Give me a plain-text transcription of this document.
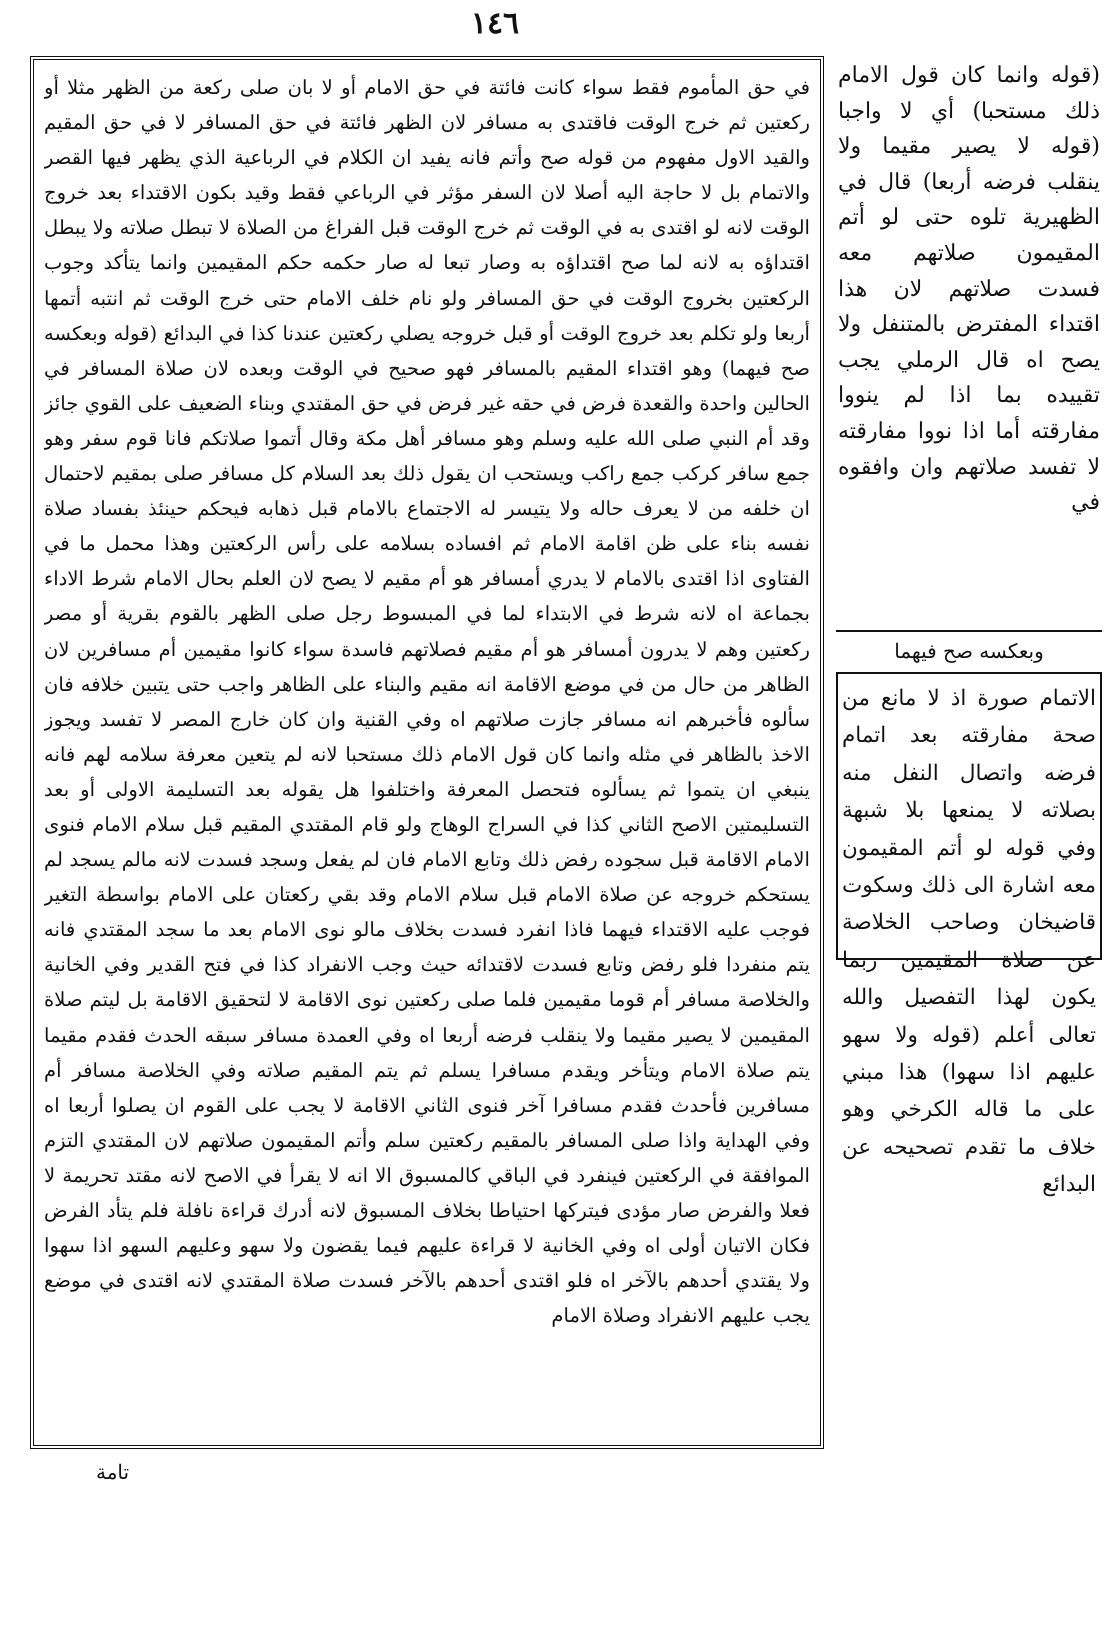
١٤٦

في حق المأموم فقط سواء كانت فائتة في حق الامام أو لا بان صلى ركعة من الظهر مثلا أو ركعتين ثم خرج الوقت فاقتدى به مسافر لان الظهر فائتة في حق المسافر لا في حق المقيم والقيد الاول مفهوم من قوله صح وأتم فانه يفيد ان الكلام في الرباعية الذي يظهر فيها القصر والاتمام بل لا حاجة اليه أصلا لان السفر مؤثر في الرباعي فقط وقيد بكون الاقتداء بعد خروج الوقت لانه لو اقتدى به في الوقت ثم خرج الوقت قبل الفراغ من الصلاة لا تبطل صلاته ولا يبطل اقتداؤه به لانه لما صح اقتداؤه به وصار تبعا له صار حكمه حكم المقيمين وانما يتأكد وجوب الركعتين بخروج الوقت في حق المسافر ولو نام خلف الامام حتى خرج الوقت ثم انتبه أتمها أربعا ولو تكلم بعد خروج الوقت أو قبل خروجه يصلي ركعتين عندنا كذا في البدائع (قوله وبعكسه صح فيهما) وهو اقتداء المقيم بالمسافر فهو صحيح في الوقت وبعده لان صلاة المسافر في الحالين واحدة والقعدة فرض في حقه غير فرض في حق المقتدي وبناء الضعيف على القوي جائز وقد أم النبي صلى الله عليه وسلم وهو مسافر أهل مكة وقال أتموا صلاتكم فانا قوم سفر وهو جمع سافر كركب جمع راكب ويستحب ان يقول ذلك بعد السلام كل مسافر صلى بمقيم لاحتمال ان خلفه من لا يعرف حاله ولا يتيسر له الاجتماع بالامام قبل ذهابه فيحكم حينئذ بفساد صلاة نفسه بناء على ظن اقامة الامام ثم افساده بسلامه على رأس الركعتين وهذا محمل ما في الفتاوى اذا اقتدى بالامام لا يدري أمسافر هو أم مقيم لا يصح لان العلم بحال الامام شرط الاداء بجماعة اه لانه شرط في الابتداء لما في المبسوط رجل صلى الظهر بالقوم بقرية أو مصر ركعتين وهم لا يدرون أمسافر هو أم مقيم فصلاتهم فاسدة سواء كانوا مقيمين أم مسافرين لان الظاهر من حال من في موضع الاقامة انه مقيم والبناء على الظاهر واجب حتى يتبين خلافه فان سألوه فأخبرهم انه مسافر جازت صلاتهم اه وفي القنية وان كان خارج المصر لا تفسد ويجوز الاخذ بالظاهر في مثله وانما كان قول الامام ذلك مستحبا لانه لم يتعين معرفة سلامه لهم فانه ينبغي ان يتموا ثم يسألوه فتحصل المعرفة واختلفوا هل يقوله بعد التسليمة الاولى أو بعد التسليمتين الاصح الثاني كذا في السراج الوهاج ولو قام المقتدي المقيم قبل سلام الامام فنوى الامام الاقامة قبل سجوده رفض ذلك وتابع الامام فان لم يفعل وسجد فسدت لانه مالم يسجد لم يستحكم خروجه عن صلاة الامام قبل سلام الامام وقد بقي ركعتان على الامام بواسطة التغير فوجب عليه الاقتداء فيهما فاذا انفرد فسدت بخلاف مالو نوى الامام بعد ما سجد المقتدي فانه يتم منفردا فلو رفض وتابع فسدت لاقتدائه حيث وجب الانفراد كذا في فتح القدير وفي الخانية والخلاصة مسافر أم قوما مقيمين فلما صلى ركعتين نوى الاقامة لا لتحقيق الاقامة بل ليتم صلاة المقيمين لا يصير مقيما ولا ينقلب فرضه أربعا اه وفي العمدة مسافر سبقه الحدث فقدم مقيما يتم صلاة الامام ويتأخر ويقدم مسافرا يسلم ثم يتم المقيم صلاته وفي الخلاصة مسافر أم مسافرين فأحدث فقدم مسافرا آخر فنوى الثاني الاقامة لا يجب على القوم ان يصلوا أربعا اه وفي الهداية واذا صلى المسافر بالمقيم ركعتين سلم وأتم المقيمون صلاتهم لان المقتدي التزم الموافقة في الركعتين فينفرد في الباقي كالمسبوق الا انه لا يقرأ في الاصح لانه مقتد تحريمة لا فعلا والفرض صار مؤدى فيتركها احتياطا بخلاف المسبوق لانه أدرك قراءة نافلة فلم يتأد الفرض فكان الاتيان أولى اه وفي الخانية لا قراءة عليهم فيما يقضون ولا سهو وعليهم السهو اذا سهوا ولا يقتدي أحدهم بالآخر اه فلو اقتدى أحدهم بالآخر فسدت صلاة المقتدي لانه اقتدى في موضع يجب عليهم الانفراد وصلاة الامام

(قوله وانما كان قول الامام ذلك مستحبا) أي لا واجبا (قوله لا يصير مقيما ولا ينقلب فرضه أربعا) قال في الظهيرية تلوه حتى لو أتم المقيمون صلاتهم معه فسدت صلاتهم لان هذا اقتداء المفترض بالمتنفل ولا يصح اه قال الرملي يجب تقييده بما اذا لم ينووا مفارقته أما اذا نووا مفارقته لا تفسد صلاتهم وان وافقوه في

وبعكسه صح فيهما

الاتمام صورة اذ لا مانع من صحة مفارقته بعد اتمام فرضه واتصال النفل منه بصلاته لا يمنعها بلا شبهة وفي قوله لو أتم المقيمون معه اشارة الى ذلك وسكوت قاضيخان وصاحب الخلاصة عن صلاة المقيمين ربما يكون لهذا التفصيل والله تعالى أعلم (قوله ولا سهو عليهم اذا سهوا) هذا مبني على ما قاله الكرخي وهو خلاف ما تقدم تصحيحه عن البدائع

تامة
